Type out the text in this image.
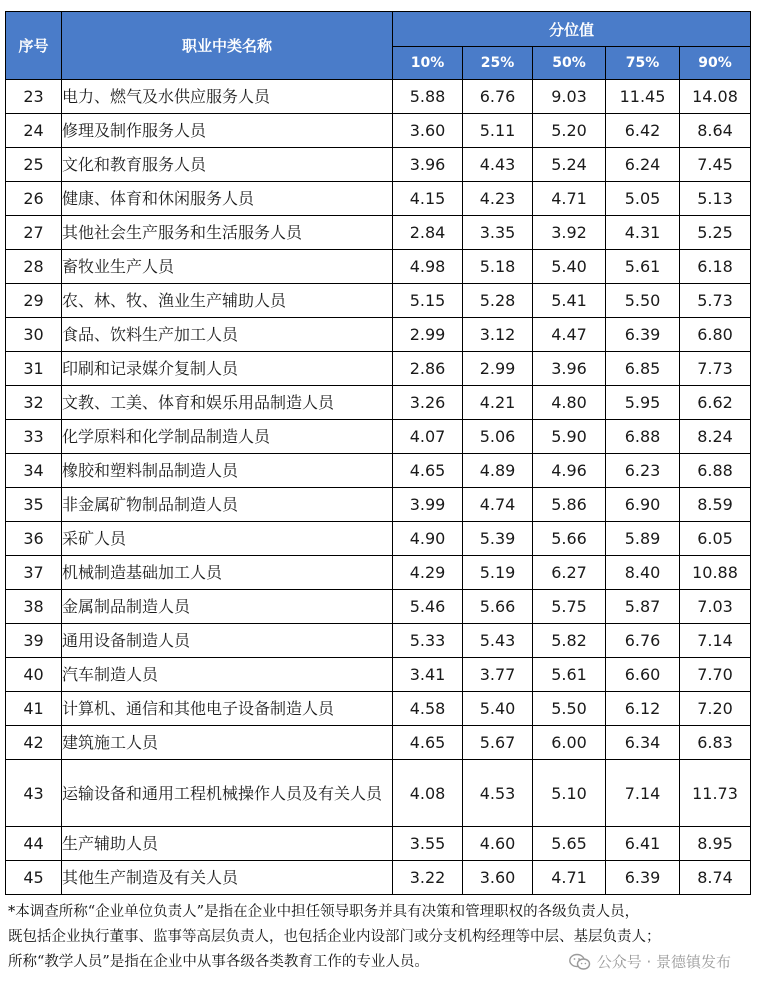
序号	职业中类名称	分位值				
		10%	25%	50%	75%	90%
23	电力、燃气及水供应服务人员	5.88	6.76	9.03	11.45	14.08
24	修理及制作服务人员	3.60	5.11	5.20	6.42	8.64
25	文化和教育服务人员	3.96	4.43	5.24	6.24	7.45
26	健康、体育和休闲服务人员	4.15	4.23	4.71	5.05	5.13
27	其他社会生产服务和生活服务人员	2.84	3.35	3.92	4.31	5.25
28	畜牧业生产人员	4.98	5.18	5.40	5.61	6.18
29	农、林、牧、渔业生产辅助人员	5.15	5.28	5.41	5.50	5.73
30	食品、饮料生产加工人员	2.99	3.12	4.47	6.39	6.80
31	印刷和记录媒介复制人员	2.86	2.99	3.96	6.85	7.73
32	文教、工美、体育和娱乐用品制造人员	3.26	4.21	4.80	5.95	6.62
33	化学原料和化学制品制造人员	4.07	5.06	5.90	6.88	8.24
34	橡胶和塑料制品制造人员	4.65	4.89	4.96	6.23	6.88
35	非金属矿物制品制造人员	3.99	4.74	5.86	6.90	8.59
36	采矿人员	4.90	5.39	5.66	5.89	6.05
37	机械制造基础加工人员	4.29	5.19	6.27	8.40	10.88
38	金属制品制造人员	5.46	5.66	5.75	5.87	7.03
39	通用设备制造人员	5.33	5.43	5.82	6.76	7.14
40	汽车制造人员	3.41	3.77	5.61	6.60	7.70
41	计算机、通信和其他电子设备制造人员	4.58	5.40	5.50	6.12	7.20
42	建筑施工人员	4.65	5.67	6.00	6.34	6.83
43	运输设备和通用工程机械操作人员及有关人员	4.08	4.53	5.10	7.14	11.73
44	生产辅助人员	3.55	4.60	5.65	6.41	8.95
45	其他生产制造及有关人员	3.22	3.60	4.71	6.39	8.74

*本调查所称“企业单位负责人”是指在企业中担任领导职务并具有决策和管理职权的各级负责人员，

既包括企业执行董事、监事等高层负责人，也包括企业内设部门或分支机构经理等中层、基层负责人；

所称“教学人员”是指在企业中从事各级各类教育工作的专业人员。	公众号 · 景德镇发布
